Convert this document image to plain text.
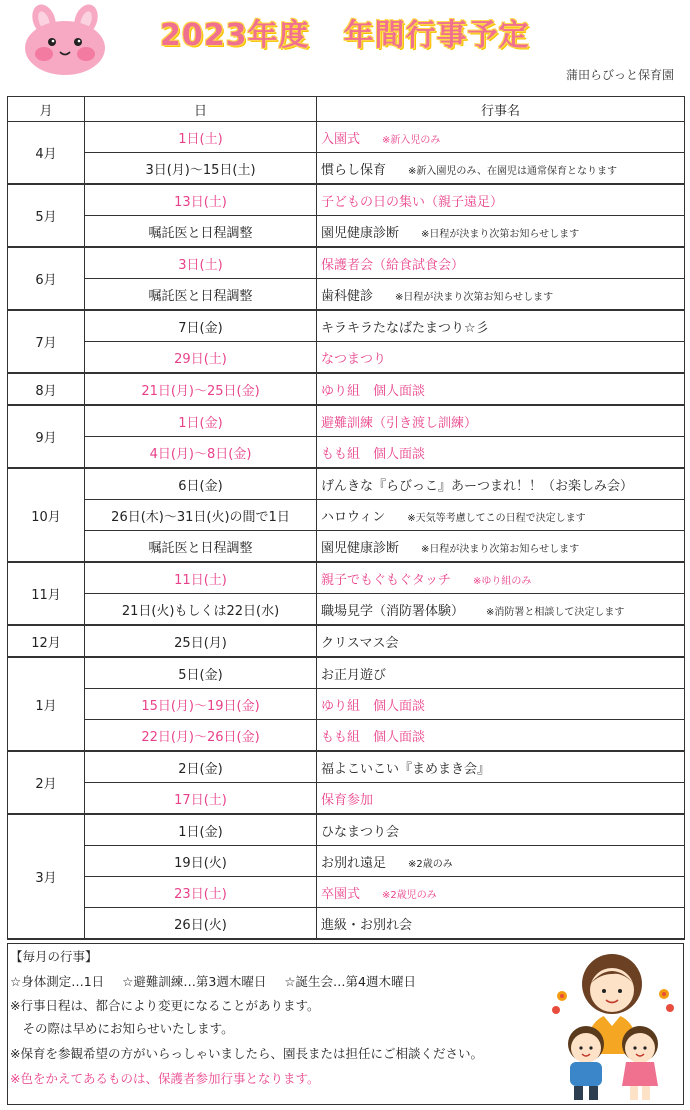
2023年度 年間行事予定
蒲田らびっと保育園
月	日	行事名
4月	1日(土)	入園式 ※新入児のみ
	3日(月)～15日(土)	慣らし保育 ※新入園児のみ、在園児は通常保育となります
5月	13日(土)	子どもの日の集い（親子遠足）
	嘱託医と日程調整	園児健康診断 ※日程が決まり次第お知らせします
6月	3日(土)	保護者会（給食試食会）
	嘱託医と日程調整	歯科健診 ※日程が決まり次第お知らせします
7月	7日(金)	キラキラたなばたまつり☆彡
	29日(土)	なつまつり
8月	21日(月)～25日(金)	ゆり組　個人面談
9月	1日(金)	避難訓練（引き渡し訓練）
	4日(月)～8日(金)	もも組　個人面談
10月	6日(金)	げんきな『らびっこ』あーつまれ！！（お楽しみ会）
	26日(木)～31日(火)の間で1日	ハロウィン ※天気等考慮してこの日程で決定します
	嘱託医と日程調整	園児健康診断 ※日程が決まり次第お知らせします
11月	11日(土)	親子でもぐもぐタッチ ※ゆり組のみ
	21日(火)もしくは22日(水)	職場見学（消防署体験） ※消防署と相談して決定します
12月	25日(月)	クリスマス会
1月	5日(金)	お正月遊び
	15日(月)～19日(金)	ゆり組　個人面談
	22日(月)～26日(金)	もも組　個人面談
2月	2日(金)	福よこいこい『まめまき会』
	17日(土)	保育参加
3月	1日(金)	ひなまつり会
	19日(火)	お別れ遠足 ※2歳のみ
	23日(土)	卒園式 ※2歳児のみ
	26日(火)	進級・お別れ会
【毎月の行事】
☆身体測定…1日 ☆避難訓練…第3週木曜日 ☆誕生会…第4週木曜日
※行事日程は、都合により変更になることがあります。
　その際は早めにお知らせいたします。
※保育を参観希望の方がいらっしゃいましたら、園長または担任にご相談ください。
※色をかえてあるものは、保護者参加行事となります。
